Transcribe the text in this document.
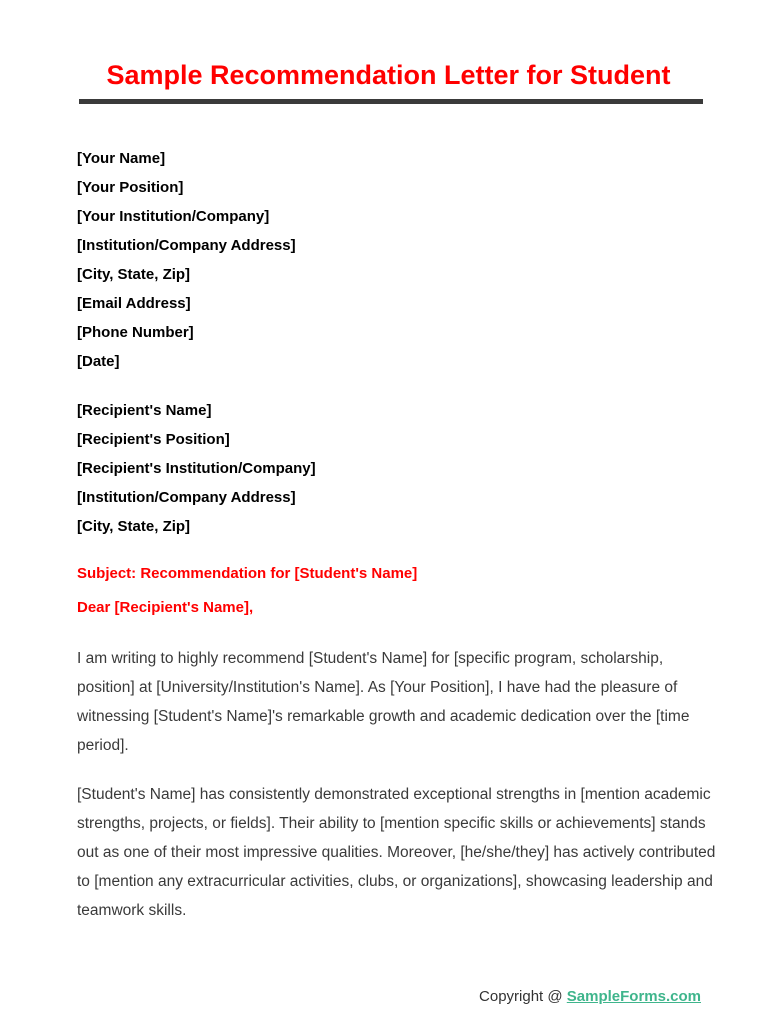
Sample Recommendation Letter for Student
[Your Name]
[Your Position]
[Your Institution/Company]
[Institution/Company Address]
[City, State, Zip]
[Email Address]
[Phone Number]
[Date]
[Recipient's Name]
[Recipient's Position]
[Recipient's Institution/Company]
[Institution/Company Address]
[City, State, Zip]
Subject: Recommendation for [Student's Name]
Dear [Recipient's Name],

I am writing to highly recommend [Student's Name] for [specific program, scholarship, position] at [University/Institution's Name]. As [Your Position], I have had the pleasure of witnessing [Student's Name]'s remarkable growth and academic dedication over the [time period].

[Student's Name] has consistently demonstrated exceptional strengths in [mention academic strengths, projects, or fields]. Their ability to [mention specific skills or achievements] stands out as one of their most impressive qualities. Moreover, [he/she/they] has actively contributed to [mention any extracurricular activities, clubs, or organizations], showcasing leadership and teamwork skills.

Copyright @ SampleForms.com
